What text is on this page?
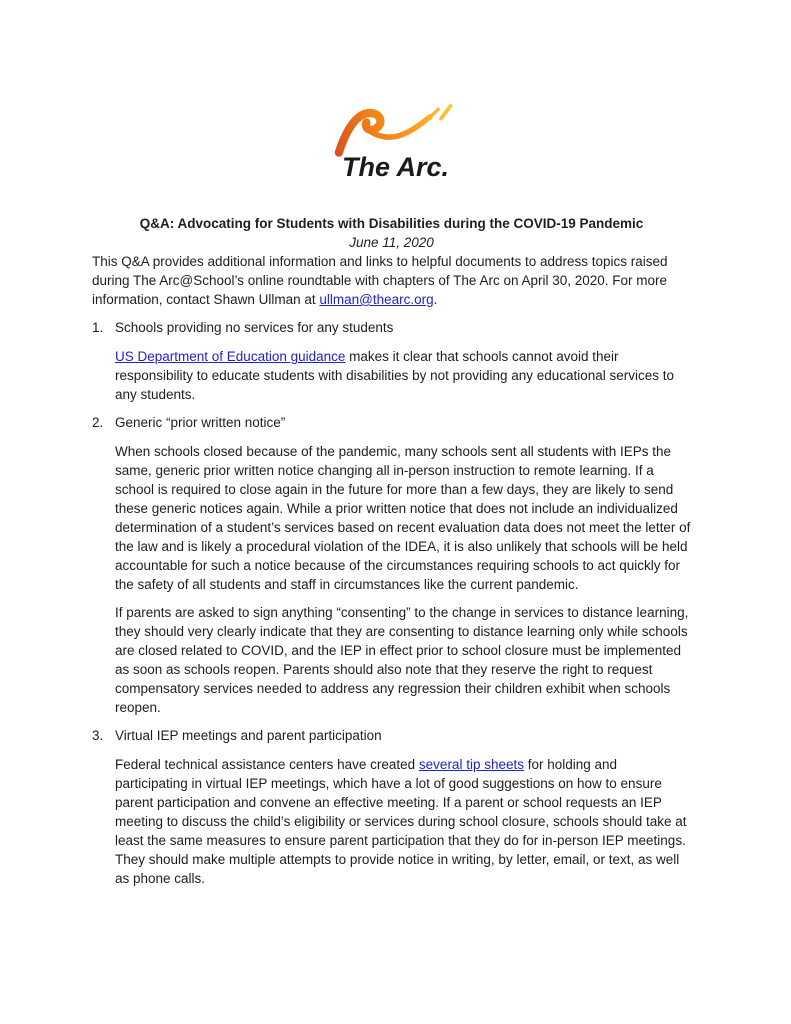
The Arc.
Q&A: Advocating for Students with Disabilities during the COVID-19 Pandemic
June 11, 2020

This Q&A provides additional information and links to helpful documents to address topics raised during The Arc@School’s online roundtable with chapters of The Arc on April 30, 2020. For more information, contact Shawn Ullman at ullman@thearc.org.

1. Schools providing no services for any students

US Department of Education guidance makes it clear that schools cannot avoid their responsibility to educate students with disabilities by not providing any educational services to any students.

2. Generic “prior written notice”

When schools closed because of the pandemic, many schools sent all students with IEPs the same, generic prior written notice changing all in-person instruction to remote learning. If a school is required to close again in the future for more than a few days, they are likely to send these generic notices again. While a prior written notice that does not include an individualized determination of a student’s services based on recent evaluation data does not meet the letter of the law and is likely a procedural violation of the IDEA, it is also unlikely that schools will be held accountable for such a notice because of the circumstances requiring schools to act quickly for the safety of all students and staff in circumstances like the current pandemic.

If parents are asked to sign anything “consenting” to the change in services to distance learning, they should very clearly indicate that they are consenting to distance learning only while schools are closed related to COVID, and the IEP in effect prior to school closure must be implemented as soon as schools reopen. Parents should also note that they reserve the right to request compensatory services needed to address any regression their children exhibit when schools reopen.

3. Virtual IEP meetings and parent participation

Federal technical assistance centers have created several tip sheets for holding and participating in virtual IEP meetings, which have a lot of good suggestions on how to ensure parent participation and convene an effective meeting. If a parent or school requests an IEP meeting to discuss the child’s eligibility or services during school closure, schools should take at least the same measures to ensure parent participation that they do for in-person IEP meetings. They should make multiple attempts to provide notice in writing, by letter, email, or text, as well as phone calls.
